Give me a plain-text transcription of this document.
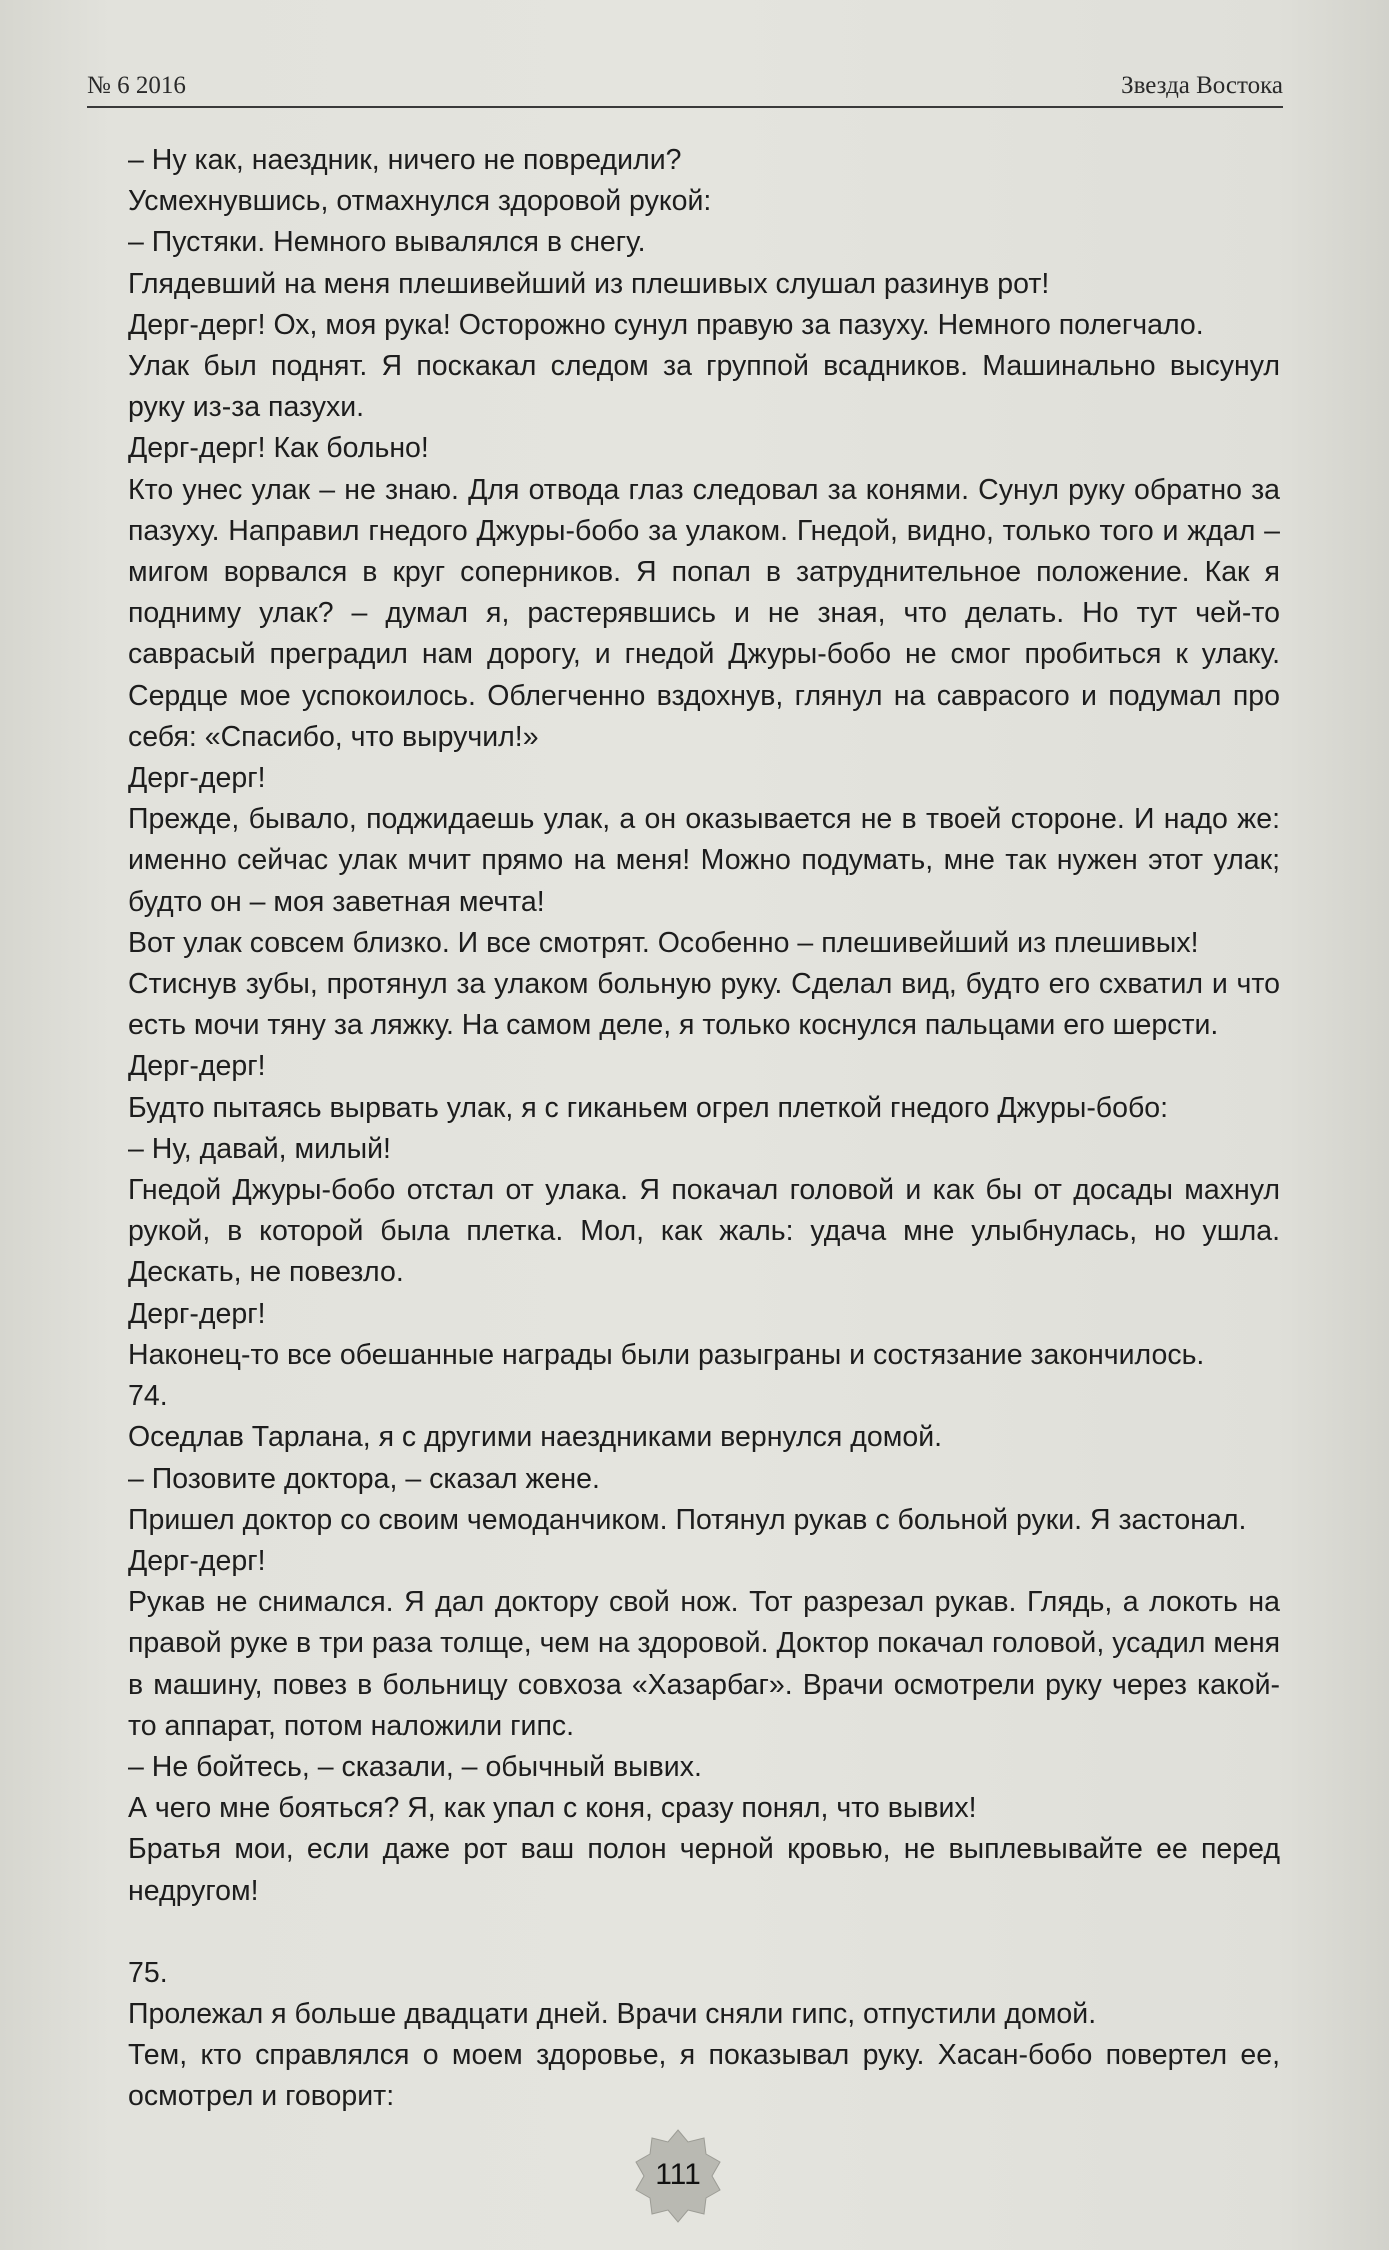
№ 6 2016	Звезда Востока

– Ну как, наездник, ничего не повредили?

Усмехнувшись, отмахнулся здоровой рукой:

– Пустяки. Немного вывалялся в снегу.

Глядевший на меня плешивейший из плешивых слушал разинув рот!

Дерг-дерг! Ох, моя рука! Осторожно сунул правую за пазуху. Немного полегчало.

Улак был поднят. Я поскакал следом за группой всадников. Машинально высунул руку из-за пазухи.

Дерг-дерг! Как больно!

Кто унес улак – не знаю. Для отвода глаз следовал за конями. Сунул руку обратно за пазуху. Направил гнедого Джуры-бобо за улаком. Гнедой, видно, только того и ждал – мигом ворвался в круг соперников. Я попал в затруднительное положение. Как я подниму улак? – думал я, растерявшись и не зная, что делать. Но тут чей-то саврасый преградил нам дорогу, и гнедой Джуры-бобо не смог пробиться к улаку. Сердце мое успокоилось. Облегченно вздохнув, глянул на саврасого и подумал про себя: «Спасибо, что выручил!»

Дерг-дерг!

Прежде, бывало, поджидаешь улак, а он оказывается не в твоей стороне. И надо же: именно сейчас улак мчит прямо на меня! Можно подумать, мне так нужен этот улак; будто он – моя заветная мечта!

Вот улак совсем близко. И все смотрят. Особенно – плешивейший из плешивых!

Стиснув зубы, протянул за улаком больную руку. Сделал вид, будто его схватил и что есть мочи тяну за ляжку. На самом деле, я только коснулся пальцами его шерсти.

Дерг-дерг!

Будто пытаясь вырвать улак, я с гиканьем огрел плеткой гнедого Джуры-бобо:

– Ну, давай, милый!

Гнедой Джуры-бобо отстал от улака. Я покачал головой и как бы от досады махнул рукой, в которой была плетка. Мол, как жаль: удача мне улыбнулась, но ушла. Дескать, не повезло.

Дерг-дерг!

Наконец-то все обешанные награды были разыграны и состязание закончилось.

74.

Оседлав Тарлана, я с другими наездниками вернулся домой.

– Позовите доктора, – сказал жене.

Пришел доктор со своим чемоданчиком. Потянул рукав с больной руки. Я застонал.

Дерг-дерг!

Рукав не снимался. Я дал доктору свой нож. Тот разрезал рукав. Глядь, а локоть на правой руке в три раза толще, чем на здоровой. Доктор покачал головой, усадил меня в машину, повез в больницу совхоза «Хазарбаг». Врачи осмотрели руку через какой-то аппарат, потом наложили гипс.

– Не бойтесь, – сказали, – обычный вывих.

А чего мне бояться? Я, как упал с коня, сразу понял, что вывих!

Братья мои, если даже рот ваш полон черной кровью, не выплевывайте ее перед недругом!

75.

Пролежал я больше двадцати дней. Врачи сняли гипс, отпустили домой.

Тем, кто справлялся о моем здоровье, я показывал руку. Хасан-бобо повертел ее, осмотрел и говорит:

111
